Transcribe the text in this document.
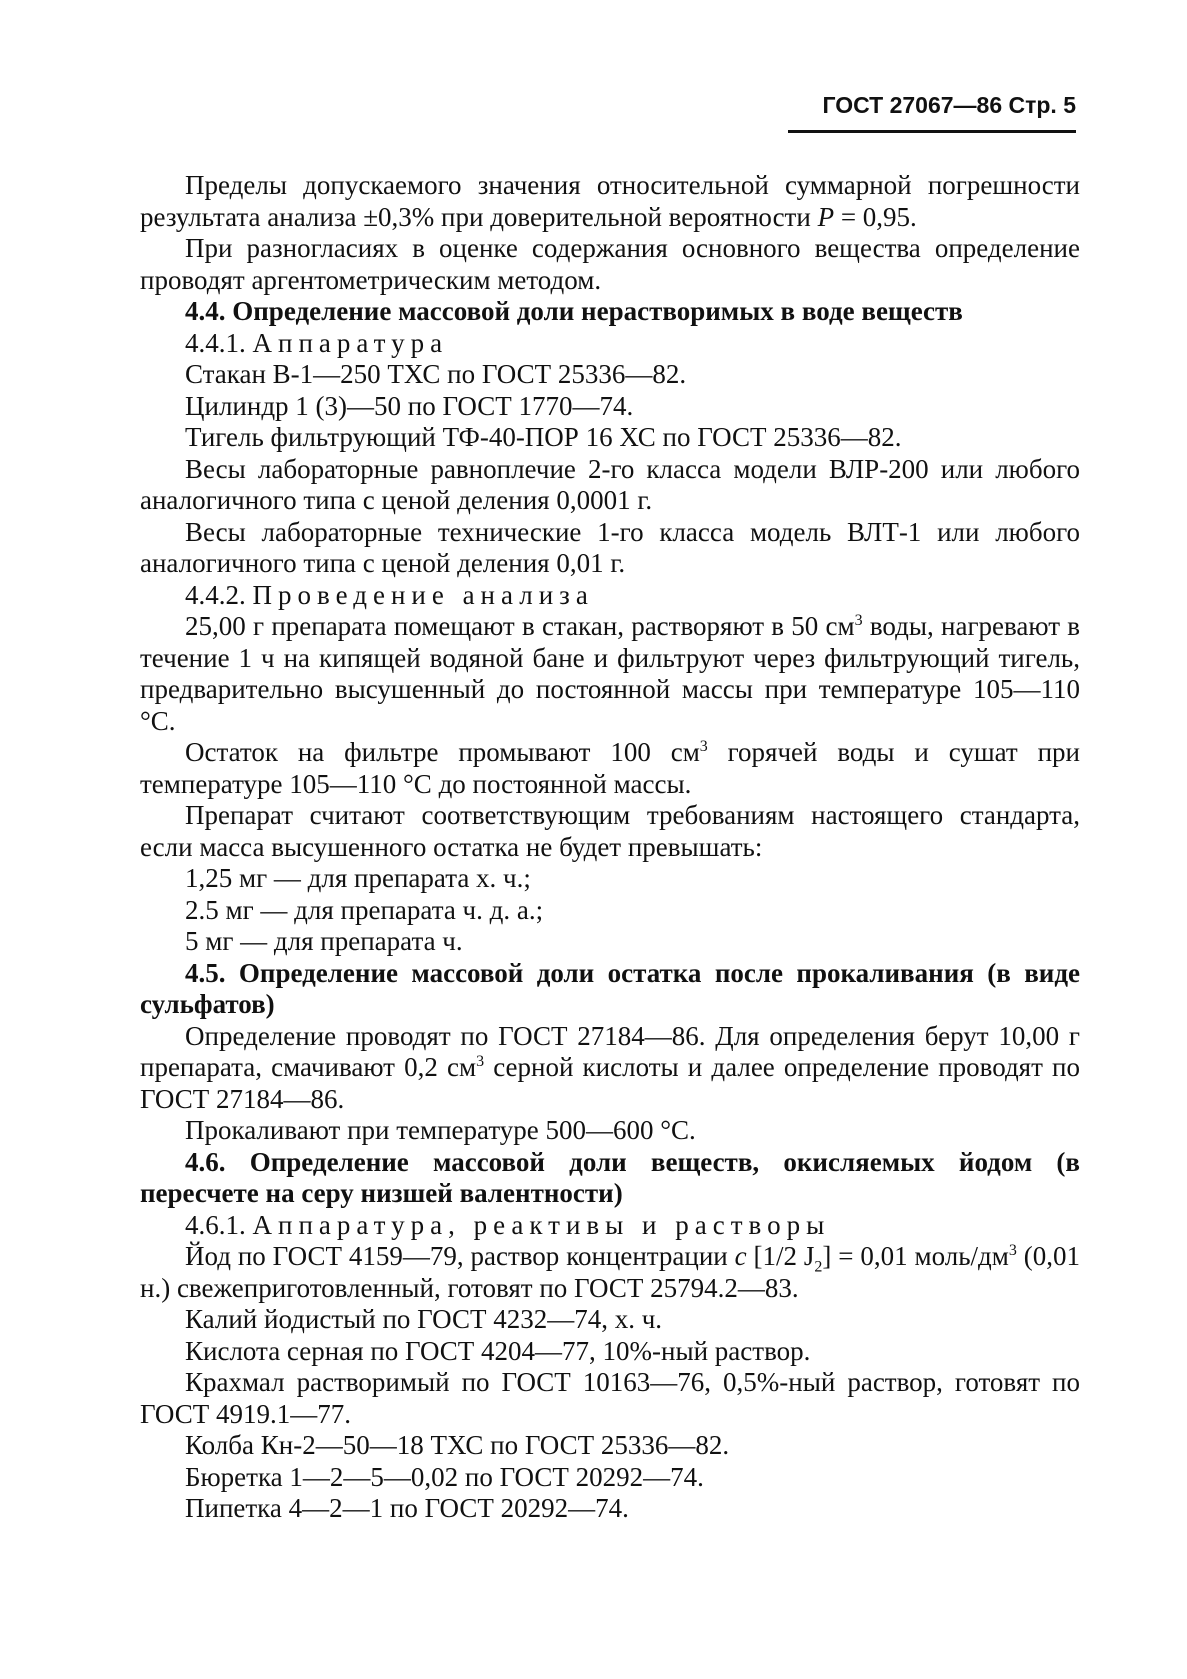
ГОСТ 27067—86 Стр. 5

Пределы допускаемого значения относительной суммарной погрешности результата анализа ±0,3% при доверительной вероятности P = 0,95.

При разногласиях в оценке содержания основного вещества определение проводят аргентометрическим методом.

4.4. Определение массовой доли нерастворимых в воде веществ

4.4.1. Аппаратура

Стакан В-1—250 ТХС по ГОСТ 25336—82.

Цилиндр 1 (3)—50 по ГОСТ 1770—74.

Тигель фильтрующий ТФ-40-ПОР 16 ХС по ГОСТ 25336—82.

Весы лабораторные равноплечие 2-го класса модели ВЛР-200 или любого аналогичного типа с ценой деления 0,0001 г.

Весы лабораторные технические 1-го класса модель ВЛТ-1 или любого аналогичного типа с ценой деления 0,01 г.

4.4.2. Проведение анализа

25,00 г препарата помещают в стакан, растворяют в 50 $см^3$ воды, нагревают в течение 1 ч на кипящей водяной бане и фильтруют через фильтрующий тигель, предварительно высушенный до постоянной массы при температуре 105—110 °С.

Остаток на фильтре промывают 100 $см^3$ горячей воды и сушат при температуре 105—110 °С до постоянной массы.

Препарат считают соответствующим требованиям настоящего стандарта, если масса высушенного остатка не будет превышать:

1,25 мг — для препарата х. ч.;

2.5 мг — для препарата ч. д. а.;

5 мг — для препарата ч.

4.5. Определение массовой доли остатка после прокаливания (в виде сульфатов)

Определение проводят по ГОСТ 27184—86. Для определения берут 10,00 г препарата, смачивают 0,2 $см^3$ серной кислоты и далее определение проводят по ГОСТ 27184—86.

Прокаливают при температуре 500—600 °С.

4.6. Определение массовой доли веществ, окисляемых йодом (в пересчете на серу низшей валентности)

4.6.1. Аппаратура, реактивы и растворы

Йод по ГОСТ 4159—79, раствор концентрации c [1/2 $J_2] = 0,01$ моль/$дм^3$ (0,01 н.) свежеприготовленный, готовят по ГОСТ 25794.2—83.

Калий йодистый по ГОСТ 4232—74, х. ч.

Кислота серная по ГОСТ 4204—77, 10%-ный раствор.

Крахмал растворимый по ГОСТ 10163—76, 0,5%-ный раствор, готовят по ГОСТ 4919.1—77.

Колба Кн-2—50—18 ТХС по ГОСТ 25336—82.

Бюретка 1—2—5—0,02 по ГОСТ 20292—74.

Пипетка 4—2—1 по ГОСТ 20292—74.
